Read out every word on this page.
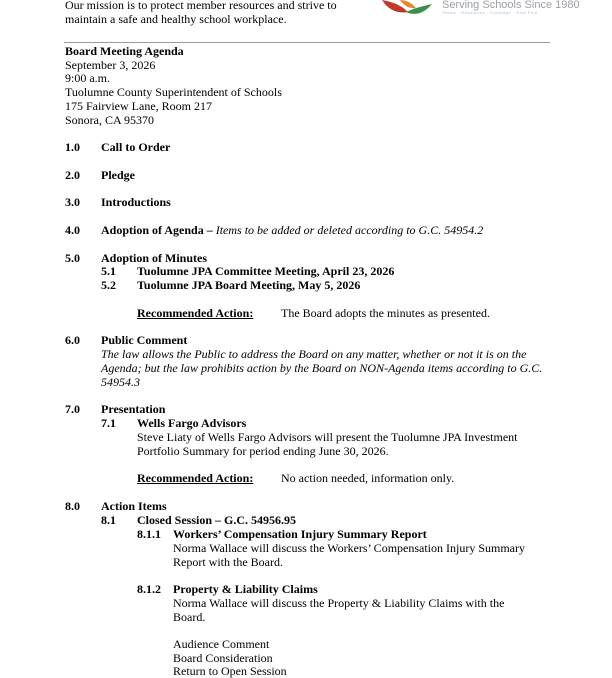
Our mission is to protect member resources and strive to
maintain a safe and healthy school workplace.
Serving Schools Since 1980
Teams · Resources · Coverage · Risk Pool
Board Meeting Agenda
September 3, 2026
9:00 a.m.
Tuolumne County Superintendent of Schools
175 Fairview Lane, Room 217
Sonora, CA 95370
1.0 Call to Order
2.0 Pledge
3.0 Introductions
4.0 Adoption of Agenda – Items to be added or deleted according to G.C. 54954.2
5.0 Adoption of Minutes
5.1 Tuolumne JPA Committee Meeting, April 23, 2026
5.2 Tuolumne JPA Board Meeting, May 5, 2026
Recommended Action: The Board adopts the minutes as presented.
6.0 Public Comment
The law allows the Public to address the Board on any matter, whether or not it is on the
Agenda; but the law prohibits action by the Board on NON-Agenda items according to G.C.
54954.3
7.0 Presentation
7.1 Wells Fargo Advisors
Steve Liaty of Wells Fargo Advisors will present the Tuolumne JPA Investment
Portfolio Summary for period ending June 30, 2026.
Recommended Action: No action needed, information only.
8.0 Action Items
8.1 Closed Session – G.C. 54956.95
8.1.1 Workers’ Compensation Injury Summary Report
Norma Wallace will discuss the Workers’ Compensation Injury Summary
Report with the Board.
8.1.2 Property & Liability Claims
Norma Wallace will discuss the Property & Liability Claims with the
Board.
Audience Comment
Board Consideration
Return to Open Session
